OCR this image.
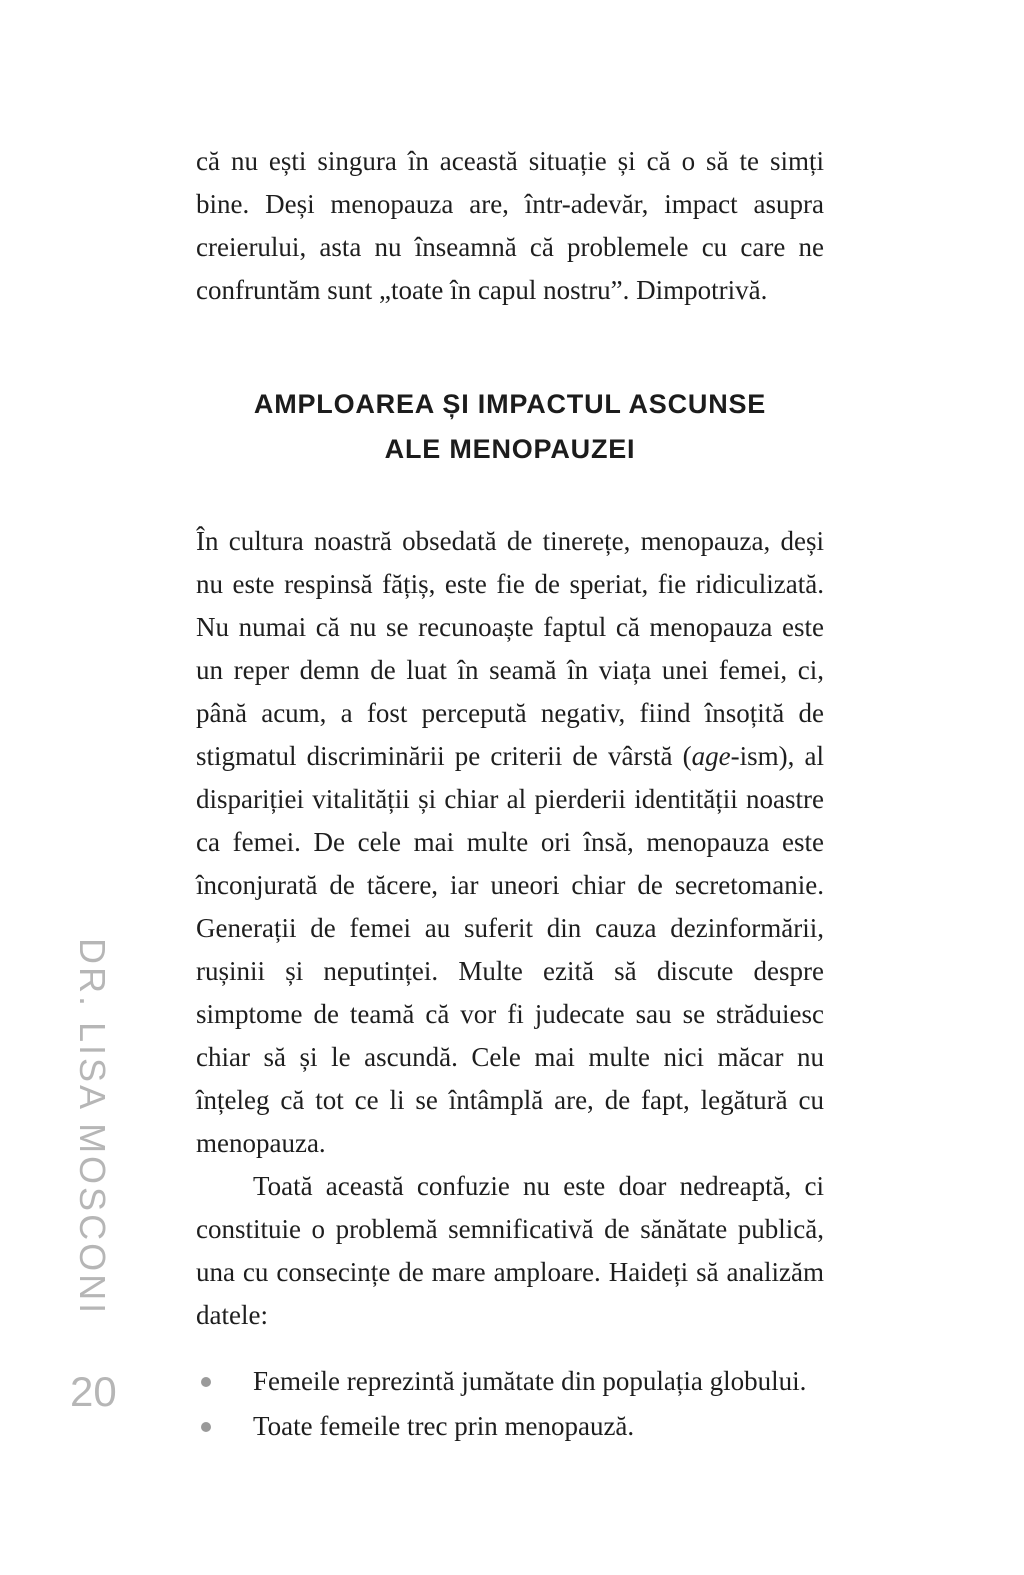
DR. LISA MOSCONI
20

că nu ești singura în această situație și că o să te simți bine. Deși menopauza are, într-adevăr, impact asupra creierului, asta nu înseamnă că problemele cu care ne confruntăm sunt „toate în capul nostru”. Dimpotrivă.

AMPLOAREA ȘI IMPACTUL ASCUNSE
ALE MENOPAUZEI

În cultura noastră obsedată de tinerețe, menopauza, deși nu este respinsă fățiș, este fie de speriat, fie ridiculizată. Nu numai că nu se recunoaște faptul că menopauza este un reper demn de luat în seamă în viața unei femei, ci, până acum, a fost percepută negativ, fiind însoțită de stigmatul discriminării pe criterii de vârstă (age-ism), al dispariției vitalității și chiar al pierderii identității noastre ca femei. De cele mai multe ori însă, menopauza este înconjurată de tăcere, iar uneori chiar de secretomanie. Generații de femei au suferit din cauza dezinformării, rușinii și neputinței. Multe ezită să discute despre simptome de teamă că vor fi judecate sau se străduiesc chiar să și le ascundă. Cele mai multe nici măcar nu înțeleg că tot ce li se întâmplă are, de fapt, legătură cu menopauza.

Toată această confuzie nu este doar nedreaptă, ci constituie o problemă semnificativă de sănătate publică, una cu consecințe de mare amploare. Haideți să analizăm datele:

Femeile reprezintă jumătate din populația globului.
Toate femeile trec prin menopauză.
